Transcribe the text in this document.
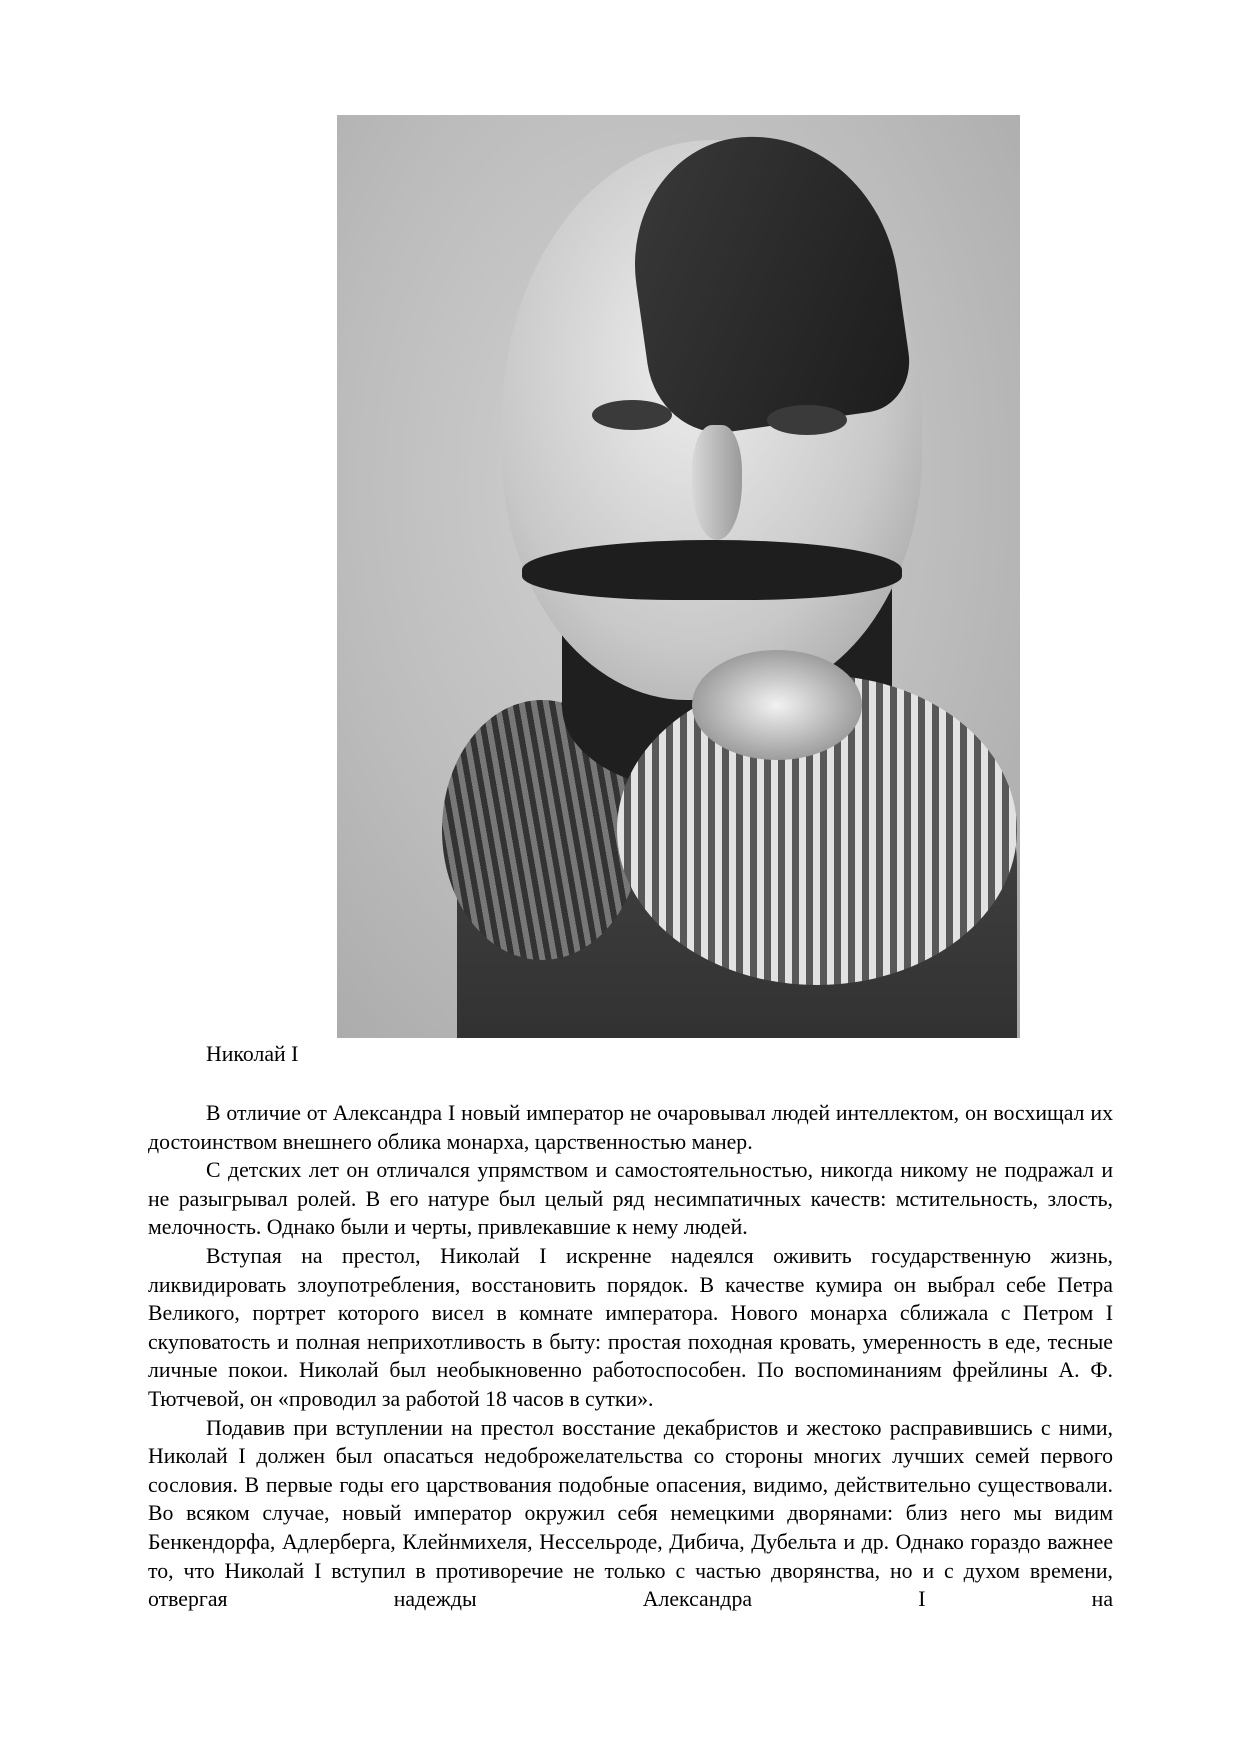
Николай I

В отличие от Александра I новый император не очаровывал людей интеллектом, он восхищал их достоинством внешнего облика монарха, царственностью манер.

С детских лет он отличался упрямством и самостоятельностью, никогда никому не подражал и не разыгрывал ролей. В его натуре был целый ряд несимпатичных качеств: мстительность, злость, мелочность. Однако были и черты, привлекавшие к нему людей.

Вступая на престол, Николай I искренне надеялся оживить государственную жизнь, ликвидировать злоупотребления, восстановить порядок. В качестве кумира он выбрал себе Петра Великого, портрет которого висел в комнате императора. Нового монарха сближала с Петром I скуповатость и полная неприхотливость в быту: простая походная кровать, умеренность в еде, тесные личные покои. Николай был необыкновенно работоспособен. По воспоминаниям фрейлины А. Ф. Тютчевой, он «проводил за работой 18 часов в сутки».

Подавив при вступлении на престол восстание декабристов и жестоко расправившись с ними, Николай I должен был опасаться недоброжелательства со стороны многих лучших семей первого сословия. В первые годы его царствования подобные опасения, видимо, действительно существовали. Во всяком случае, новый император окружил себя немецкими дворянами: близ него мы видим Бенкендорфа, Адлерберга, Клейнмихеля, Нессельроде, Дибича, Дубельта и др. Однако гораздо важнее то, что Николай I вступил в противоречие не только с частью дворянства, но и с духом времени, отвергая надежды Александра I на
